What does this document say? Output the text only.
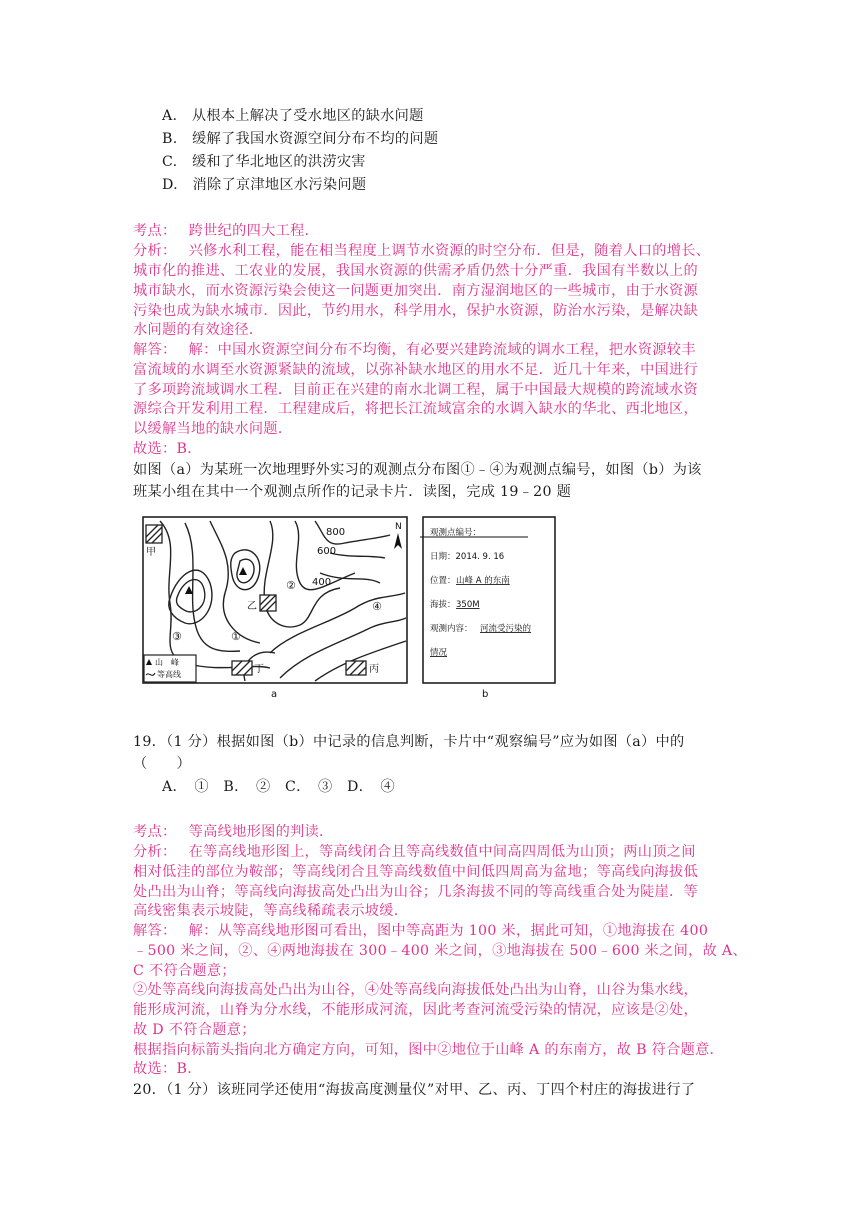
A.　从根本上解决了受水地区的缺水问题
B.　缓解了我国水资源空间分布不均的问题
C.　缓和了华北地区的洪涝灾害
D.　消除了京津地区水污染问题
考点：　 跨世纪的四大工程．
分析：　 兴修水利工程，能在相当程度上调节水资源的时空分布．但是，随着人口的增长、
城市化的推进、工农业的发展，我国水资源的供需矛盾仍然十分严重．我国有半数以上的
城市缺水，而水资源污染会使这一问题更加突出．南方湿润地区的一些城市，由于水资源
污染也成为缺水城市．因此，节约用水，科学用水，保护水资源，防治水污染，是解决缺
水问题的有效途径．
解答：　 解：中国水资源空间分布不均衡，有必要兴建跨流域的调水工程，把水资源较丰
富流域的水调至水资源紧缺的流域，以弥补缺水地区的用水不足．近几十年来，中国进行
了多项跨流域调水工程．目前正在兴建的南水北调工程，属于中国最大规模的跨流域水资
源综合开发利用工程．工程建成后，将把长江流域富余的水调入缺水的华北、西北地区，
以缓解当地的缺水问题．
故选：B．
如图（a）为某班一次地理野外实习的观测点分布图①﹣④为观测点编号，如图（b）为该
班某小组在其中一个观测点所作的记录卡片．读图，完成 19﹣20 题
N
800
600
400
甲
乙
丙
丁
①
②
③
④
山　峰
等高线
a
观测点编号：
日期：2014. 9. 16
位置： 山峰 A 的东南
海拔： 350M
观测内容： 河流受污染的
情况
b
19．（1 分）根据如图（b）中记录的信息判断，卡片中“观察编号”应为如图（a）中的
（　　）
A．　①　B．　②　C．　③　D．　④
考点：　 等高线地形图的判读．
分析：　 在等高线地形图上，等高线闭合且等高线数值中间高四周低为山顶；两山顶之间
相对低洼的部位为鞍部；等高线闭合且等高线数值中间低四周高为盆地；等高线向海拔低
处凸出为山脊；等高线向海拔高处凸出为山谷；几条海拔不同的等高线重合处为陡崖．等
高线密集表示坡陡，等高线稀疏表示坡缓．
解答：　 解：从等高线地形图可看出，图中等高距为 100 米，据此可知，①地海拔在 400
﹣500 米之间，②、④两地海拔在 300﹣400 米之间，③地海拔在 500﹣600 米之间，故 A、
C 不符合题意；
②处等高线向海拔高处凸出为山谷，④处等高线向海拔低处凸出为山脊，山谷为集水线，
能形成河流，山脊为分水线，不能形成河流，因此考查河流受污染的情况，应该是②处，
故 D 不符合题意；
根据指向标箭头指向北方确定方向，可知，图中②地位于山峰 A 的东南方，故 B 符合题意．
故选：B．
20．（1 分）该班同学还使用“海拔高度测量仪”对甲、乙、丙、丁四个村庄的海拔进行了
